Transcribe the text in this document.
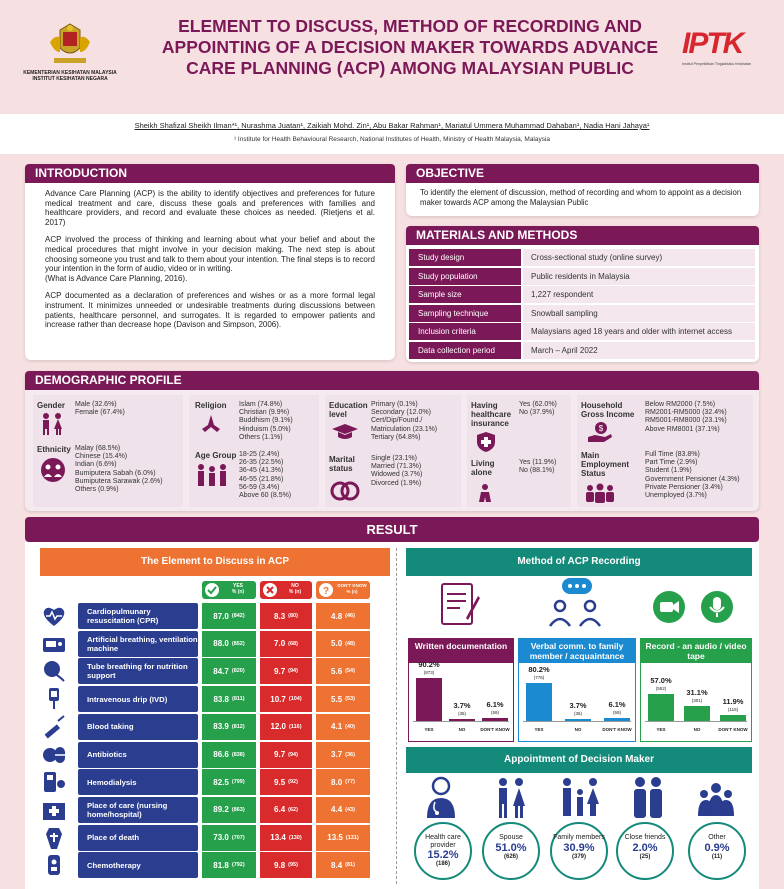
KEMENTERIAN KESIHATAN MALAYSIA
INSTITUT KESIHATAN NEGARA
ELEMENT TO DISCUSS, METHOD OF RECORDING AND APPOINTING OF A DECISION MAKER TOWARDS ADVANCE CARE PLANNING (ACP) AMONG MALAYSIAN PUBLIC
IPTK
Institut Penyelidikan Tingkahlaku Kesihatan
Sheikh Shafizal Sheikh Ilman*¹, Nurashma Juatan¹, Zaikiah Mohd. Zin¹, Abu Bakar Rahman¹, Mariatul Ummera Muhammad Dahaban¹, Nadia Hani Jahaya¹
¹ Institute for Health Behavioural Research, National Institutes of Health, Ministry of Health Malaysia, Malaysia
INTRODUCTION

Advance Care Planning (ACP) is the ability to identify objectives and preferences for future medical treatment and care, discuss these goals and preferences with families and healthcare providers, and record and evaluate these choices as needed. (Rietjens et al. 2017)

ACP involved the process of thinking and learning about what your belief and about the medical procedures that might involve in your decision making. The next step is about choosing someone you trust and talk to them about your intention. The final steps is to record your intention in the form of audio, video or in writing.

(What is Advance Care Planning, 2016).

ACP documented as a declaration of preferences and wishes or as a more formal legal instrument. It minimizes unneeded or undesirable treatments during discussions between patients, healthcare personnel, and surrogates. It is regarded to empower patients and increase rather than decrease hope (Davison and Simpson, 2006).

OBJECTIVE
To identify the element of discussion, method of recording and whom to appoint as a decision maker towards ACP among the Malaysian Public
MATERIALS AND METHODS
Study design	Cross-sectional study (online survey)
Study population	Public residents in Malaysia
Sample size	1,227 respondent
Sampling technique	Snowball sampling
Inclusion criteria	Malaysians aged 18 years and older with internet access
Data collection period	March – April 2022
DEMOGRAPHIC PROFILE
Gender Male (32.6%)
Female (67.4%)
Ethnicity Malay (68.5%)
Chinese (15.4%)
Indian (6.6%)
Bumiputera Sabah (6.0%)
Bumiputera Sarawak (2.6%)
Others (0.9%)
Religion Islam (74.8%)
Christian (9.9%)
Buddhism (9.1%)
Hinduism (5.0%)
Others (1.1%)
Age Group 18-25 (2.4%)
26-35 (22.5%)
36-45 (41.3%)
46-55 (21.8%)
56-59 (3.4%)
Above 60 (8.5%)
Education level
Primary (0.1%)
Secondary (12.0%)
Cert/Dip/Found./
Matriculation (23.1%)
Tertiary (64.8%)
Marital status
Single (23.1%)
Married (71.3%)
Widowed (3.7%)
Divorced (1.9%)
Having healthcare insurance
Yes (62.0%)
No (37.9%)
Living alone
Yes (11.9%)
No (88.1%)
Household Gross Income
$
Below RM2000 (7.5%)
RM2001-RM5000 (32.4%)
RM5001-RM8000 (23.1%)
Above RM8001 (37.1%)
Main Employment Status
Full Time (83.8%)
Part Time (2.9%)
Student (1.9%)
Government Pensioner (4.3%)
Private Pensioner (3.4%)
Unemployed (3.7%)
RESULT
The Element to Discuss in ACP
YES
% (n)
NO
% (n)	?
DON'T KNOW
% (n)
Cardiopulmunary resuscitation (CPR)	87.0 (842)	8.3 (80)	4.8 (46)
Artificial breathing, ventilation machine	88.0 (852)	7.0 (68)	5.0 (48)
Tube breathing for nutrition support	84.7 (820)	9.7 (94)	5.6 (54)
Intravenous drip (IVD)	83.8 (811)	10.7 (104)	5.5 (53)
Blood taking	83.9 (812)	12.0 (116)	4.1 (40)
Antibiotics	86.6 (838)	9.7 (94)	3.7 (36)
Hemodialysis	82.5 (799)	9.5 (92)	8.0 (77)
Place of care (nursing home/hospital)	89.2 (863)	6.4 (62)	4.4 (43)
Place of death	73.0 (707)	13.4 (130)	13.5 (131)
Chemotherapy	81.8 (792)	9.8 (95)	8.4 (81)
Method of ACP Recording
Written documentation
90.2%
(873)
YES
3.7%
(36)
NO
6.1%
(59)
DON'T KNOW
Verbal comm. to family member / acquaintance
80.2%
(776)
YES
3.7%
(36)
NO
6.1%
(59)
DON'T KNOW
Record - an audio / video tape
57.0%
(552)
YES
31.1%
(301)
NO
11.9%
(115)
DON'T KNOW
Appointment of Decision Maker
Health care provider
15.2%
(186)
Spouse
51.0%
(626)
Family members
30.9%
(379)
Close friends
2.0%
(25)
Other
0.9%
(11)
